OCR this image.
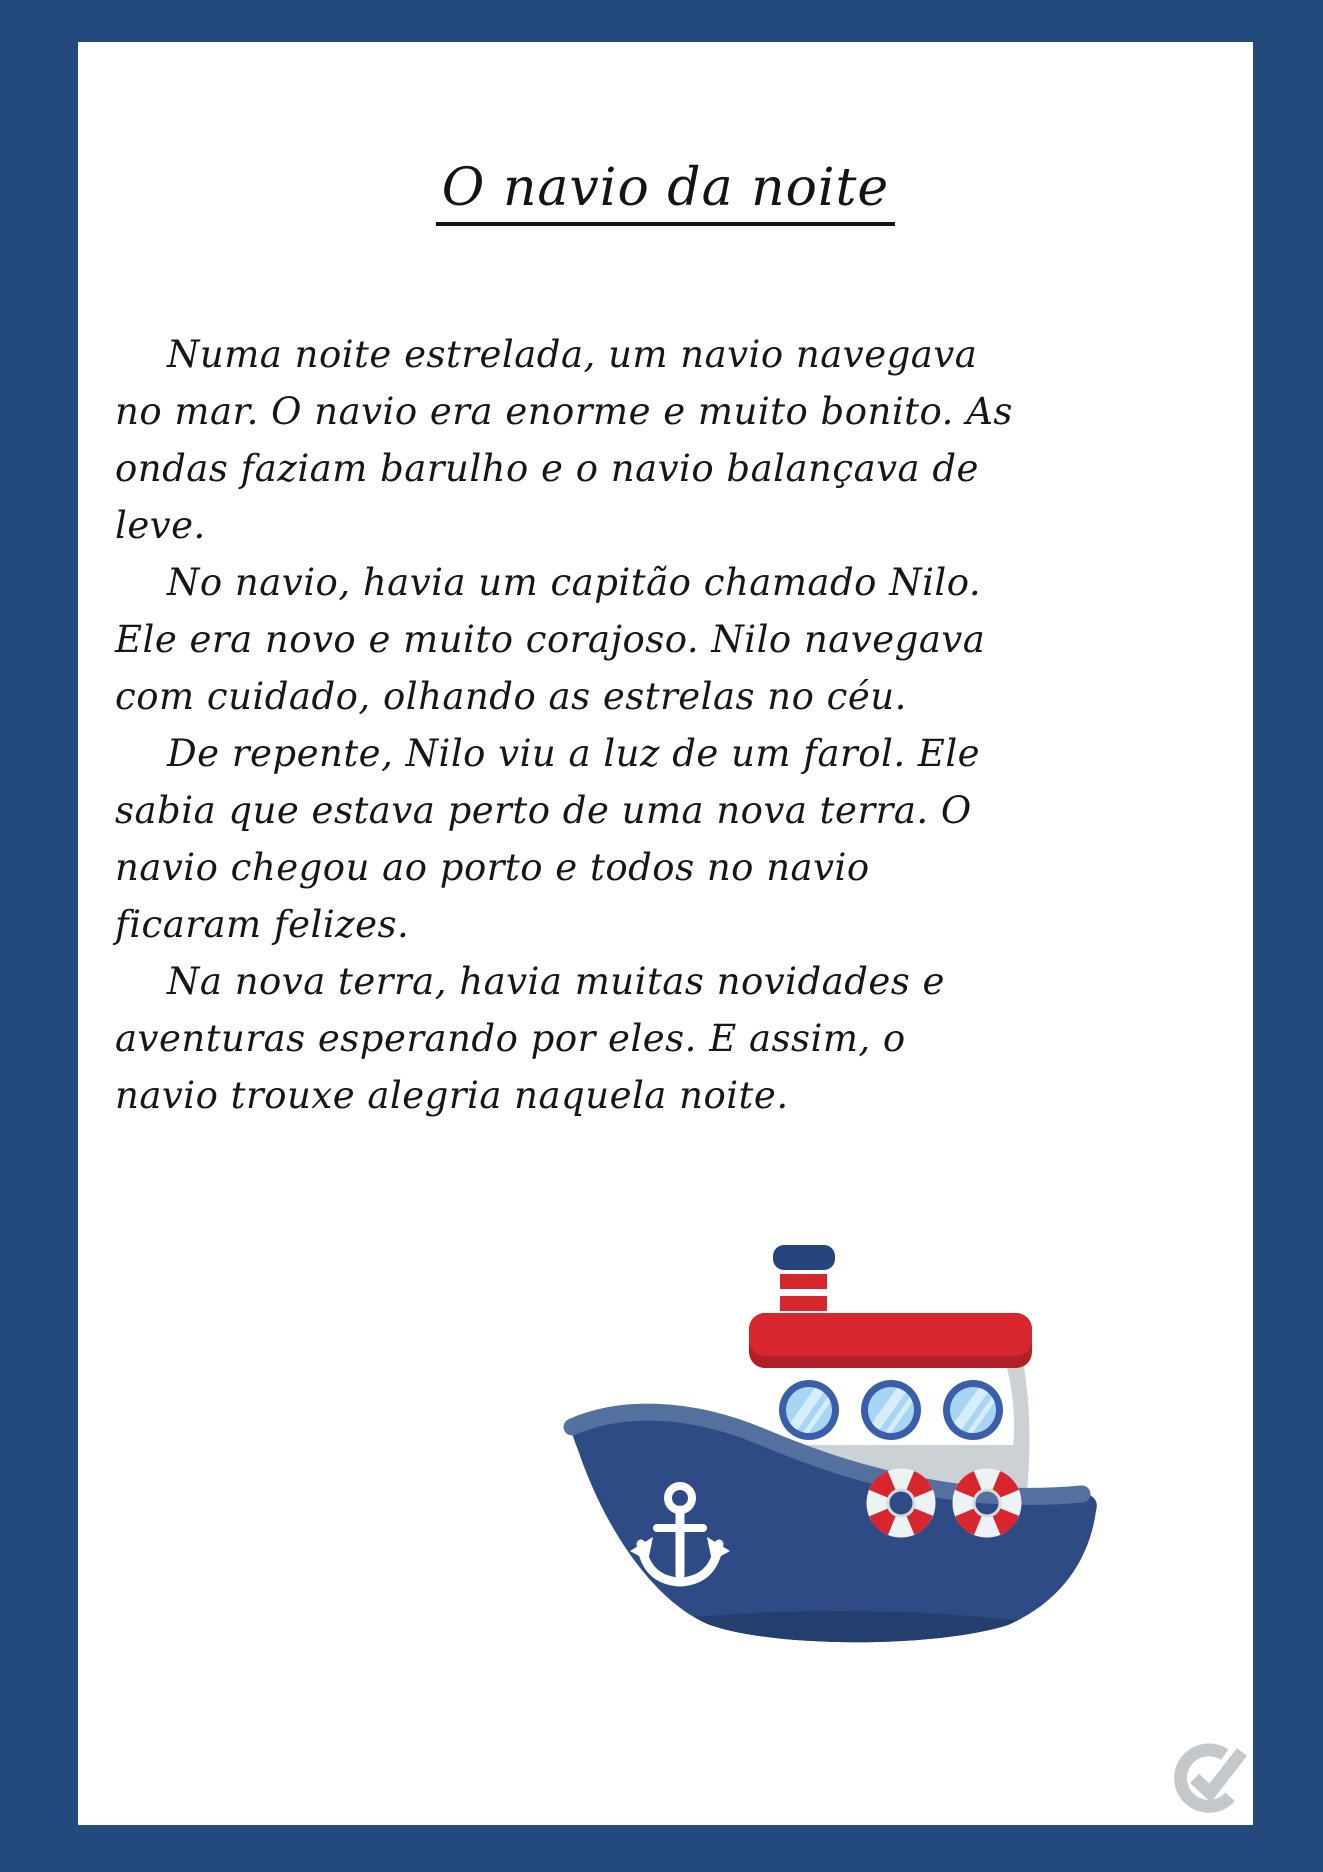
O navio da noite

Numa noite estrelada, um navio navegava no mar. O navio era enorme e muito bonito. As ondas faziam barulho e o navio balançava de leve.

No navio, havia um capitão chamado Nilo. Ele era novo e muito corajoso. Nilo navegava com cuidado, olhando as estrelas no céu.

De repente, Nilo viu a luz de um farol. Ele sabia que estava perto de uma nova terra. O navio chegou ao porto e todos no navio ficaram felizes.

Na nova terra, havia muitas novidades e aventuras esperando por eles. E assim, o navio trouxe alegria naquela noite.
